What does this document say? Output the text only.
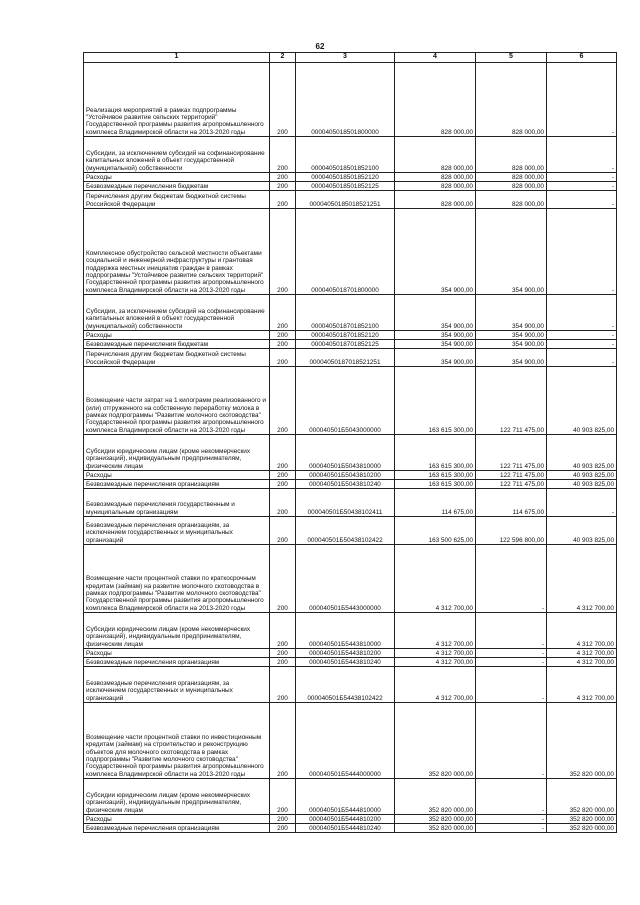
62
1	2	3	4	5	6
Реализация мероприятий в рамках подпрограммы "Устойчивое развитие сельских территорий" Государственной программы развития агропромышленного комплекса Владимирской области на 2013-2020 годы	200	0000405018501800000	828 000,00	828 000,00	-
Субсидии, за исключением субсидий на софинансирование капитальных вложений в объект государственной (муниципальной) собственности	200	0000405018501852100	828 000,00	828 000,00	-
Расходы	200	0000405018501852120	828 000,00	828 000,00	-
Безвозмездные перечисления бюджетам	200	0000405018501852125	828 000,00	828 000,00	-
Перечисления другим бюджетам бюджетной системы Российской Федерации	200	00004050185018521251	828 000,00	828 000,00	-
Комплексное обустройство сельской местности объектами социальной и инженерной инфраструктуры и грантовая поддержка местных инициатив граждан в рамках подпрограммы "Устойчивое развитие сельских территорий" Государственной программы развития агропромышленного комплекса Владимирской области на 2013-2020 годы	200	0000405018701800000	354 900,00	354 900,00	-
Субсидии, за исключением субсидий на софинансирование капитальных вложений в объект государственной (муниципальной) собственности	200	0000405018701852100	354 900,00	354 900,00	-
Расходы	200	0000405018701852120	354 900,00	354 900,00	-
Безвозмездные перечисления бюджетам	200	0000405018701852125	354 900,00	354 900,00	-
Перечисления другим бюджетам бюджетной системы Российской Федерации	200	00004050187018521251	354 900,00	354 900,00	-
Возмещение части затрат на 1 килограмм реализованного и (или) отгруженного на собственную переработку молока в рамках подпрограммы "Развитие молочного скотоводства" Государственной программы развития агропромышленного комплекса Владимирской области на 2013-2020 годы	200	000040501Б5043000000	163 615 300,00	122 711 475,00	40 903 825,00
Субсидии юридическим лицам (кроме некоммерческих организаций), индивидуальным предпринимателям, физическим лицам	200	000040501Б5043810000	163 615 300,00	122 711 475,00	40 903 825,00
Расходы	200	000040501Б5043810200	163 615 300,00	122 711 475,00	40 903 825,00
Безвозмездные перечисления организациям	200	000040501Б5043810240	163 615 300,00	122 711 475,00	40 903 825,00
Безвозмездные перечисления государственным и муниципальным организациям	200	000040501Б50438102411	114 675,00	114 675,00	-
Безвозмездные перечисления организациям, за исключением государственных и муниципальных организаций	200	000040501Б50438102422	163 500 625,00	122 596 800,00	40 903 825,00
Возмещение части процентной ставки по краткосрочным кредитам (займам) на развитие молочного скотоводства в рамках подпрограммы "Развитие молочного скотоводства" Государственной программы развития агропромышленного комплекса Владимирской области на 2013-2020 годы	200	000040501Б5443000000	4 312 700,00	-	4 312 700,00
Субсидии юридическим лицам (кроме некоммерческих организаций), индивидуальным предпринимателям, физическим лицам	200	000040501Б5443810000	4 312 700,00	-	4 312 700,00
Расходы	200	000040501Б5443810200	4 312 700,00	-	4 312 700,00
Безвозмездные перечисления организациям	200	000040501Б5443810240	4 312 700,00	-	4 312 700,00
Безвозмездные перечисления организациям, за исключением государственных и муниципальных организаций	200	000040501Б54438102422	4 312 700,00	-	4 312 700,00
Возмещение части процентной ставки по инвестиционным кредитам (займам) на строительство и реконструкцию объектов для молочного скотоводства в рамках подпрограммы "Развитие молочного скотоводства" Государственной программы развития агропромышленного комплекса Владимирской области на 2013-2020 годы	200	000040501Б5444000000	352 820 000,00	-	352 820 000,00
Субсидии юридическим лицам (кроме некоммерческих организаций), индивидуальным предпринимателям, физическим лицам	200	000040501Б5444810000	352 820 000,00	-	352 820 000,00
Расходы	200	000040501Б5444810200	352 820 000,00	-	352 820 000,00
Безвозмездные перечисления организациям	200	000040501Б5444810240	352 820 000,00	-	352 820 000,00
